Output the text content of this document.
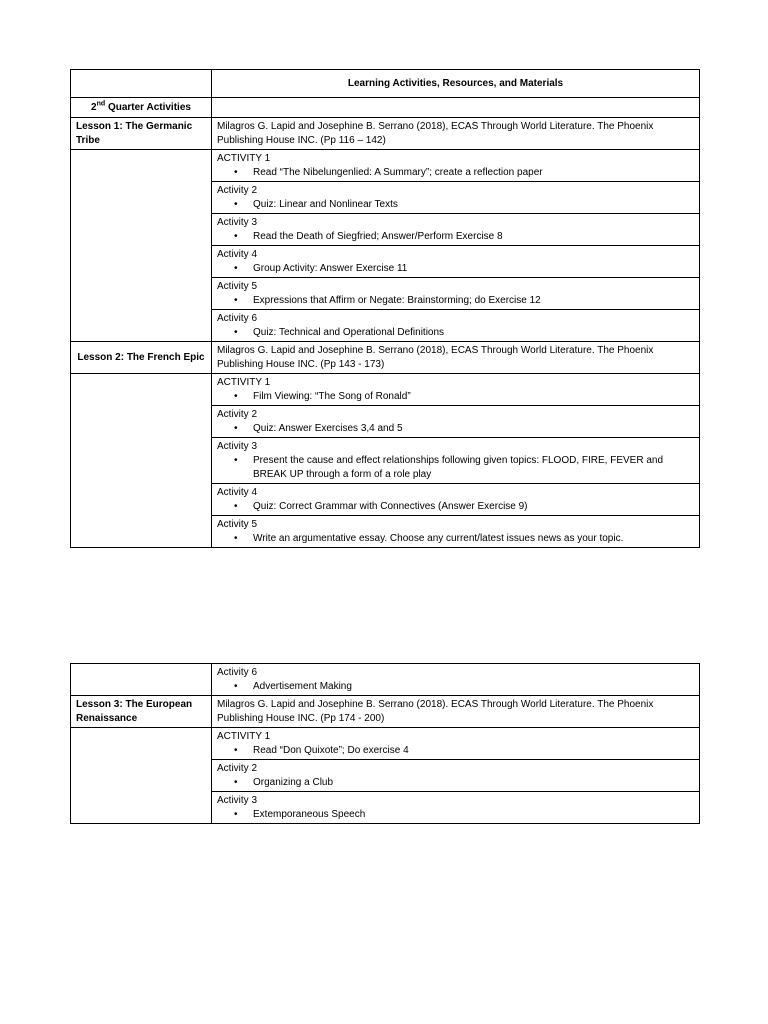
	Learning Activities, Resources, and Materials
2nd Quarter Activities	
Lesson 1: The Germanic Tribe	Milagros G. Lapid and Josephine B. Serrano (2018), ECAS Through World Literature. The Phoenix Publishing House INC. (Pp 116 – 142)

	ACTIVITY 1
• Read “The Nibelungenlied: A Summary”; create a reflection paper

	Activity 2
• Quiz: Linear and Nonlinear Texts

	Activity 3
• Read the Death of Siegfried; Answer/Perform Exercise 8

	Activity 4
• Group Activity: Answer Exercise 11

	Activity 5
• Expressions that Affirm or Negate: Brainstorming; do Exercise 12

	Activity 6
• Quiz: Technical and Operational Definitions

Lesson 2: The French Epic	Milagros G. Lapid and Josephine B. Serrano (2018), ECAS Through World Literature. The Phoenix Publishing House INC. (Pp 143 - 173)

	ACTIVITY 1
• Film Viewing: “The Song of Ronald”

	Activity 2
• Quiz: Answer Exercises 3,4 and 5

	Activity 3
• Present the cause and effect relationships following given topics: FLOOD, FIRE, FEVER and BREAK UP through a form of a role play

	Activity 4
• Quiz: Correct Grammar with Connectives (Answer Exercise 9)

	Activity 5
• Write an argumentative essay. Choose any current/latest issues news as your topic.

	Activity 6
• Advertisement Making

Lesson 3: The European Renaissance	Milagros G. Lapid and Josephine B. Serrano (2018). ECAS Through World Literature. The Phoenix Publishing House INC. (Pp 174 - 200)

	ACTIVITY 1
• Read “Don Quixote”; Do exercise 4

	Activity 2
• Organizing a Club

	Activity 3
• Extemporaneous Speech
